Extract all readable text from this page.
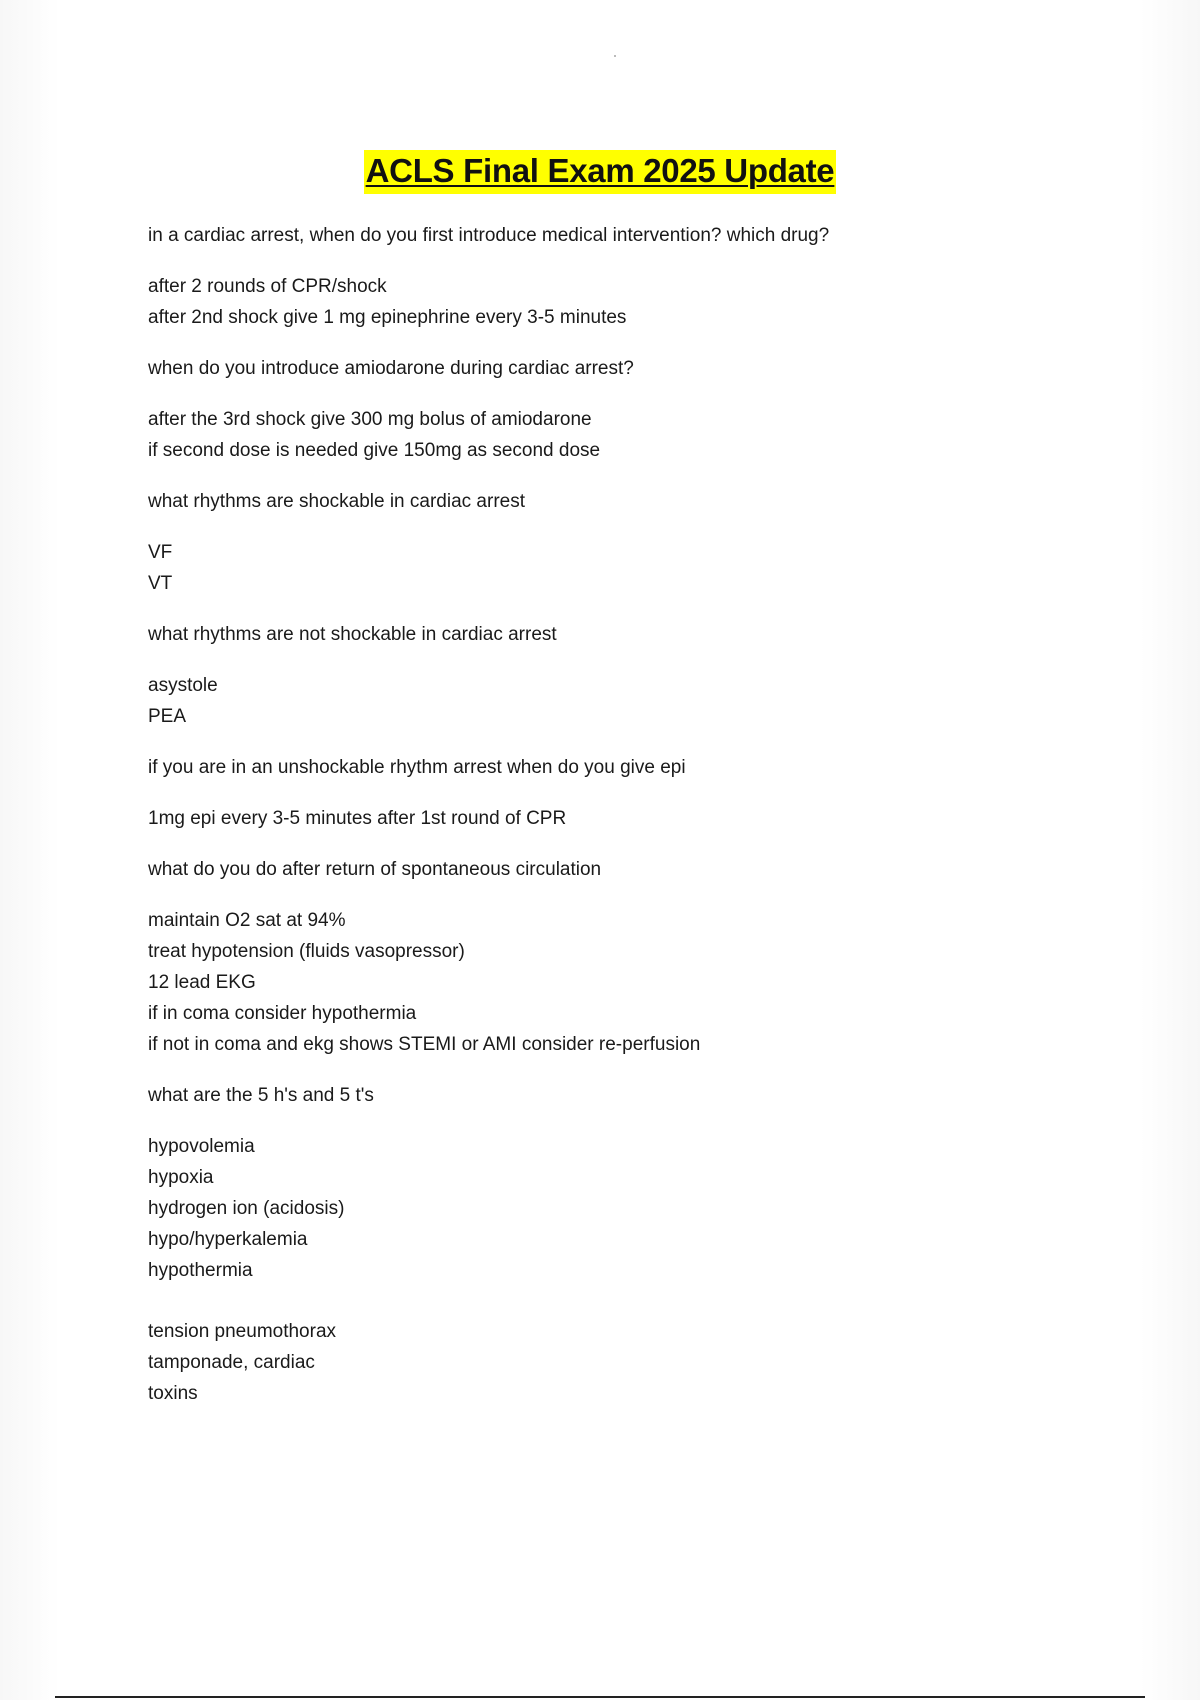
ACLS Final Exam 2025 Update
in a cardiac arrest, when do you first introduce medical intervention? which drug?
after 2 rounds of CPR/shock
after 2nd shock give 1 mg epinephrine every 3-5 minutes
when do you introduce amiodarone during cardiac arrest?
after the 3rd shock give 300 mg bolus of amiodarone
if second dose is needed give 150mg as second dose
what rhythms are shockable in cardiac arrest
VF
VT
what rhythms are not shockable in cardiac arrest
asystole
PEA
if you are in an unshockable rhythm arrest when do you give epi
1mg epi every 3-5 minutes after 1st round of CPR
what do you do after return of spontaneous circulation
maintain O2 sat at 94%
treat hypotension (fluids vasopressor)
12 lead EKG
if in coma consider hypothermia
if not in coma and ekg shows STEMI or AMI consider re-perfusion
what are the 5 h's and 5 t's
hypovolemia
hypoxia
hydrogen ion (acidosis)
hypo/hyperkalemia
hypothermia
tension pneumothorax
tamponade, cardiac
toxins
